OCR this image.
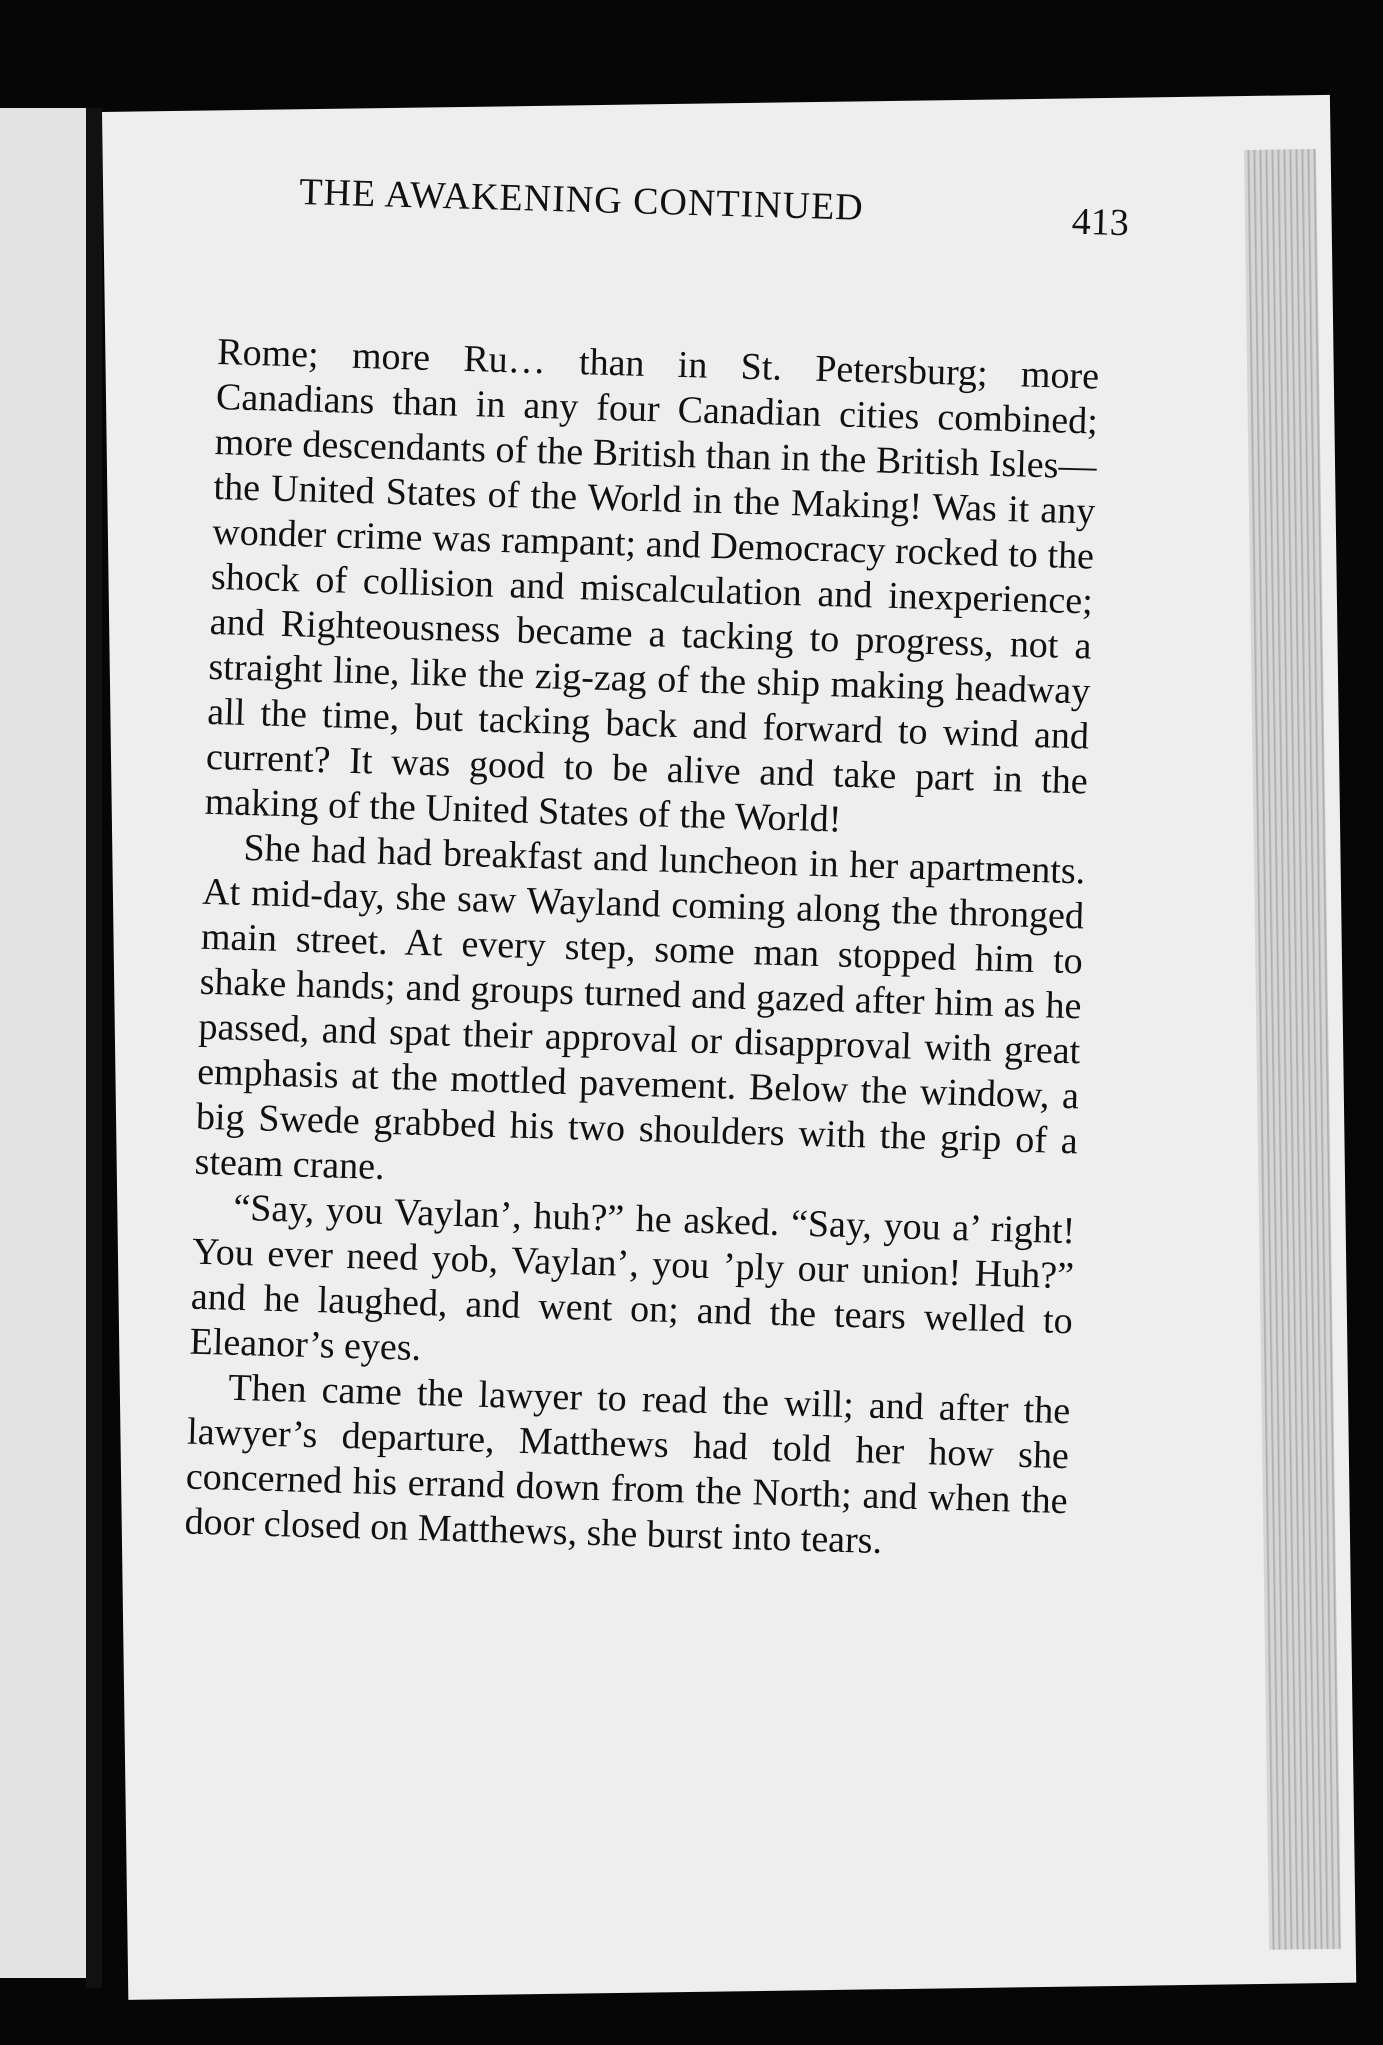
THE AWAKENING CONTINUED	413

Rome; more Ru… than in St. Petersburg; more Canadians than in any four Canadian cities combined; more descendants of the British than in the British Isles—the United States of the World in the Making! Was it any wonder crime was rampant; and Democracy rocked to the shock of collision and miscalculation and inexperience; and Righteousness became a tacking to progress, not a straight line, like the zig-zag of the ship making headway all the time, but tacking back and forward to wind and current? It was good to be alive and take part in the making of the United States of the World!

She had had breakfast and luncheon in her apartments. At mid-day, she saw Wayland coming along the thronged main street. At every step, some man stopped him to shake hands; and groups turned and gazed after him as he passed, and spat their approval or disapproval with great emphasis at the mottled pavement. Below the window, a big Swede grabbed his two shoulders with the grip of a steam crane.

“Say, you Vaylan’, huh?” he asked. “Say, you a’ right! You ever need yob, Vaylan’, you ’ply our union! Huh?” and he laughed, and went on; and the tears welled to Eleanor’s eyes.

Then came the lawyer to read the will; and after the lawyer’s departure, Matthews had told her how she concerned his errand down from the North; and when the door closed on Matthews, she burst into tears.
